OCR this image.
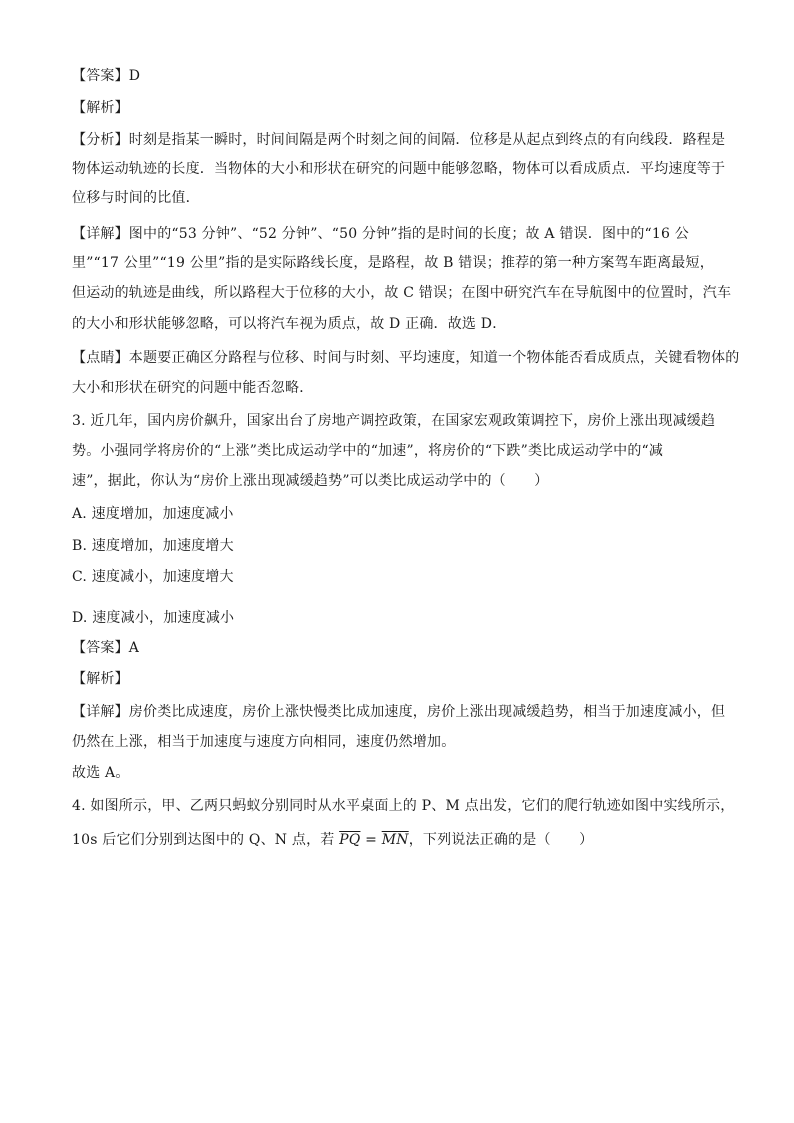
【答案】D
【解析】
【分析】时刻是指某一瞬时，时间间隔是两个时刻之间的间隔．位移是从起点到终点的有向线段．路程是
物体运动轨迹的长度．当物体的大小和形状在研究的问题中能够忽略，物体可以看成质点．平均速度等于
位移与时间的比值．
【详解】图中的“53 分钟”、“52 分钟”、“50 分钟”指的是时间的长度；故 A 错误．图中的“16 公
里”“17 公里”“19 公里”指的是实际路线长度，是路程，故 B 错误；推荐的第一种方案驾车距离最短，
但运动的轨迹是曲线，所以路程大于位移的大小，故 C 错误；在图中研究汽车在导航图中的位置时，汽车
的大小和形状能够忽略，可以将汽车视为质点，故 D 正确．故选 D．
【点睛】本题要正确区分路程与位移、时间与时刻、平均速度，知道一个物体能否看成质点，关键看物体的
大小和形状在研究的问题中能否忽略．
3. 近几年，国内房价飙升，国家出台了房地产调控政策，在国家宏观政策调控下，房价上涨出现减缓趋
势。小强同学将房价的“上涨”类比成运动学中的“加速”，将房价的“下跌”类比成运动学中的“减
速”，据此，你认为“房价上涨出现减缓趋势”可以类比成运动学中的（　　）
A. 速度增加，加速度减小
B. 速度增加，加速度增大
C. 速度减小，加速度增大
D. 速度减小，加速度减小
【答案】A
【解析】
【详解】房价类比成速度，房价上涨快慢类比成加速度，房价上涨出现减缓趋势，相当于加速度减小，但
仍然在上涨，相当于加速度与速度方向相同，速度仍然增加。
故选 A。
4. 如图所示，甲、乙两只蚂蚁分别同时从水平桌面上的 P、M 点出发，它们的爬行轨迹如图中实线所示，
10s 后它们分别到达图中的 Q、N 点，若 $\overline{PQ} = \overline{MN}$，下列说法正确的是（　　）
